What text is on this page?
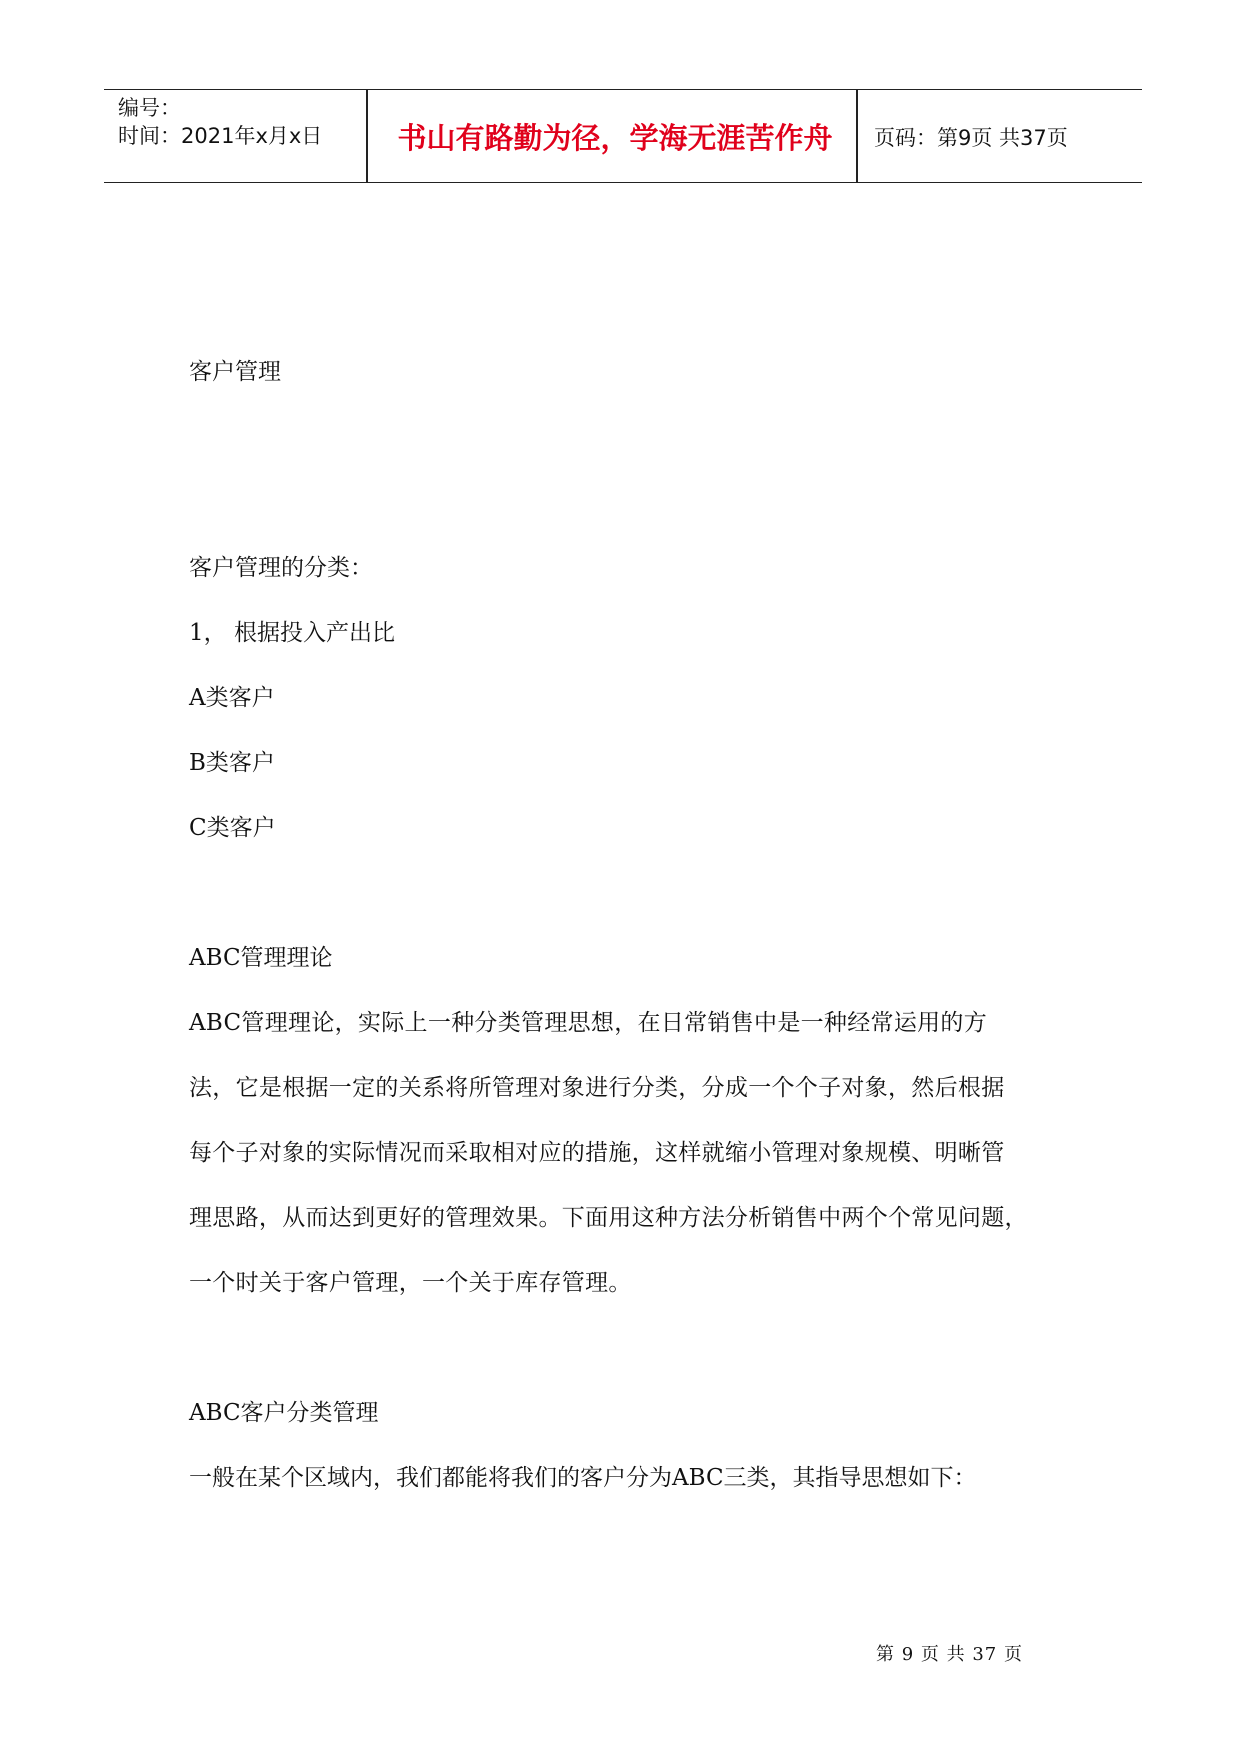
编号：
时间：2021年x月x日	书山有路勤为径，学海无涯苦作舟	页码：第9页 共37页
客户管理
客户管理的分类：
1， 根据投入产出比
A类客户
B类客户
C类客户
ABC管理理论
ABC管理理论，实际上一种分类管理思想，在日常销售中是一种经常运用的方
法，它是根据一定的关系将所管理对象进行分类，分成一个个子对象，然后根据
每个子对象的实际情况而采取相对应的措施，这样就缩小管理对象规模、明晰管
理思路，从而达到更好的管理效果。下面用这种方法分析销售中两个个常见问题，
一个时关于客户管理，一个关于库存管理。
ABC客户分类管理
一般在某个区域内，我们都能将我们的客户分为ABC三类，其指导思想如下：
第 9 页 共 37 页
